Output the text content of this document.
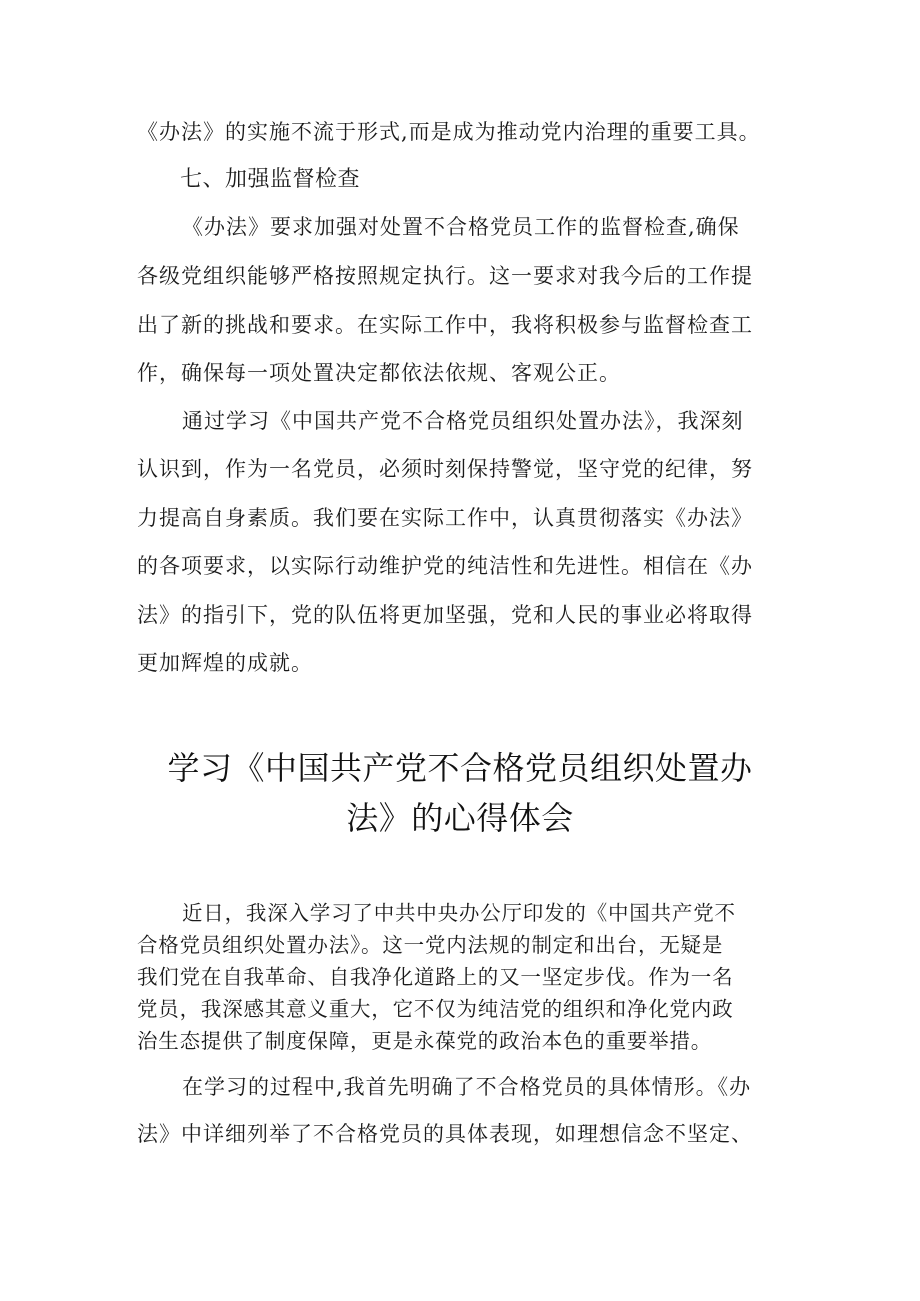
《办法》的实施不流于形式,而是成为推动党内治理的重要工具。
七、加强监督检查
《办法》要求加强对处置不合格党员工作的监督检查,确保
各级党组织能够严格按照规定执行。这一要求对我今后的工作提
出了新的挑战和要求。在实际工作中，我将积极参与监督检查工
作，确保每一项处置决定都依法依规、客观公正。
通过学习《中国共产党不合格党员组织处置办法》，我深刻
认识到，作为一名党员，必须时刻保持警觉，坚守党的纪律，努
力提高自身素质。我们要在实际工作中，认真贯彻落实《办法》
的各项要求，以实际行动维护党的纯洁性和先进性。相信在《办
法》的指引下，党的队伍将更加坚强，党和人民的事业必将取得
更加辉煌的成就。
学习《中国共产党不合格党员组织处置办
法》的心得体会
近日，我深入学习了中共中央办公厅印发的《中国共产党不
合格党员组织处置办法》。这一党内法规的制定和出台，无疑是
我们党在自我革命、自我净化道路上的又一坚定步伐。作为一名
党员，我深感其意义重大，它不仅为纯洁党的组织和净化党内政
治生态提供了制度保障，更是永葆党的政治本色的重要举措。
在学习的过程中,我首先明确了不合格党员的具体情形。《办
法》中详细列举了不合格党员的具体表现，如理想信念不坚定、
